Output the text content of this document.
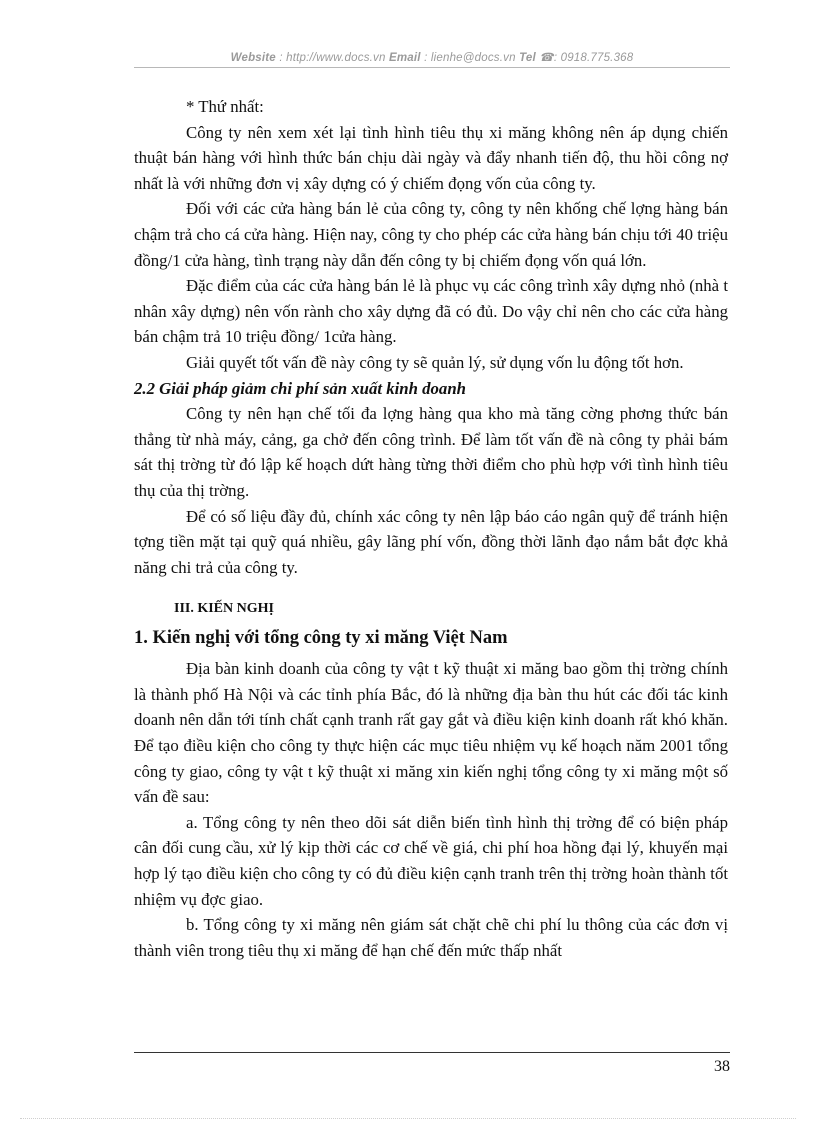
Website : http://www.docs.vn Email : lienhe@docs.vn Tel ☎: 0918.775.368

* Thứ nhất:

Công ty nên xem xét lại tình hình tiêu thụ xi măng không nên áp dụng chiến thuật bán hàng với hình thức bán chịu dài ngày và đẩy nhanh tiến độ, thu hồi công nợ nhất là với những đơn vị xây dựng có ý chiếm đọng vốn của công ty.

Đối với các cửa hàng bán lẻ của công ty, công ty nên khống chế lợng hàng bán chậm trả cho cá cửa hàng. Hiện nay, công ty cho phép các cửa hàng bán chịu tới 40 triệu đồng/1 cửa hàng, tình trạng này dẫn đến công ty bị chiếm đọng vốn quá lớn.

Đặc điểm của các cửa hàng bán lẻ là phục vụ các công trình xây dựng nhỏ (nhà t nhân xây dựng) nên vốn rành cho xây dựng đã có đủ. Do vậy chỉ nên cho các cửa hàng bán chậm trả 10 triệu đồng/ 1cửa hàng.

Giải quyết tốt vấn đề này công ty sẽ quản lý, sử dụng vốn lu động tốt hơn.

2.2 Giải pháp giảm chi phí sản xuất kinh doanh

Công ty nên hạn chế tối đa lợng hàng qua kho mà tăng cờng phơng thức bán thẳng từ nhà máy, cảng, ga chở đến công trình. Để làm tốt vấn đề nà công ty phải bám sát thị trờng từ đó lập kế hoạch dứt hàng từng thời điểm cho phù hợp với tình hình tiêu thụ của thị trờng.

Để có số liệu đầy đủ, chính xác công ty nên lập báo cáo ngân quỹ để tránh hiện tợng tiền mặt tại quỹ quá nhiều, gây lãng phí vốn, đồng thời lãnh đạo nắm bắt đợc khả năng chi trả của công ty.

III. KIẾN NGHỊ

1. Kiến nghị với tổng công ty xi măng Việt Nam

Địa bàn kinh doanh của công ty vật t kỹ thuật xi măng bao gồm thị trờng chính là thành phố Hà Nội và các tỉnh phía Bắc, đó là những địa bàn thu hút các đối tác kinh doanh nên dẫn tới tính chất cạnh tranh rất gay gắt và điều kiện kinh doanh rất khó khăn. Để tạo điều kiện cho công ty thực hiện các mục tiêu nhiệm vụ kế hoạch năm 2001 tổng công ty giao, công ty vật t kỹ thuật xi măng xin kiến nghị tổng công ty xi măng một số vấn đề sau:

a. Tổng công ty nên theo dõi sát diễn biến tình hình thị trờng để có biện pháp cân đối cung cầu, xử lý kịp thời các cơ chế về giá, chi phí hoa hồng đại lý, khuyến mại hợp lý tạo điều kiện cho công ty có đủ điều kiện cạnh tranh trên thị trờng hoàn thành tốt nhiệm vụ đợc giao.

b. Tổng công ty xi măng nên giám sát chặt chẽ chi phí lu thông của các đơn vị thành viên trong tiêu thụ xi măng để hạn chế đến mức thấp nhất

38
